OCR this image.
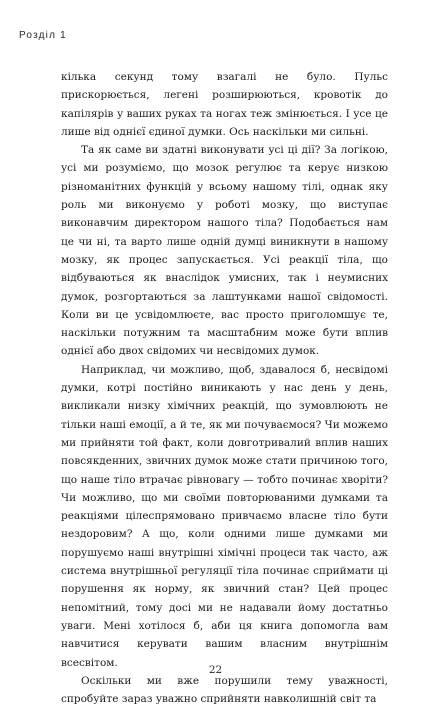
Розділ 1

кілька секунд тому взагалі не було. Пульс прискорюється, легені розширюються, кровотік до капілярів у ваших руках та ногах теж змінюється. І усе це лише від однієї єдиної думки. Ось наскільки ми сильні.

Та як саме ви здатні виконувати усі ці дії? За логікою, усі ми розуміємо, що мозок регулює та керує низкою різноманітних функцій у всьому нашому тілі, однак яку роль ми виконуємо у роботі мозку, що виступає виконавчим директором нашого тіла? Подобається нам це чи ні, та варто лише одній думці виникнути в нашому мозку, як процес запускається. Усі реакції тіла, що відбуваються як внаслідок умисних, так і неумисних думок, розгортаються за лаштунками нашої свідомості. Коли ви це усвідомлюєте, вас просто приголомшує те, наскільки потужним та масштабним може бути вплив однієї або двох свідомих чи несвідомих думок.

Наприклад, чи можливо, щоб, здавалося б, несвідомі думки, котрі постійно виникають у нас день у день, викликали низку хімічних реакцій, що зумовлюють не тільки наші емоції, а й те, як ми почуваємося? Чи можемо ми прийняти той факт, коли довготривалий вплив наших повсякденних, звичних думок може стати причиною того, що наше тіло втрачає рівновагу — тобто починає хворіти? Чи можливо, що ми своїми повторюваними думками та реакціями цілеспрямовано привчаємо власне тіло бути нездоровим? А що, коли одними лише думками ми порушуємо наші внутрішні хімічні процеси так часто, аж система внутрішньої регуляції тіла починає сприймати ці порушення як норму, як звичний стан? Цей процес непомітний, тому досі ми не надавали йому достатньо уваги. Мені хотілося б, аби ця книга допомогла вам навчитися керувати вашим власним внутрішнім всесвітом.

Оскільки ми вже порушили тему уважності, спробуйте зараз уважно сприйняти навколишній світ та

22
